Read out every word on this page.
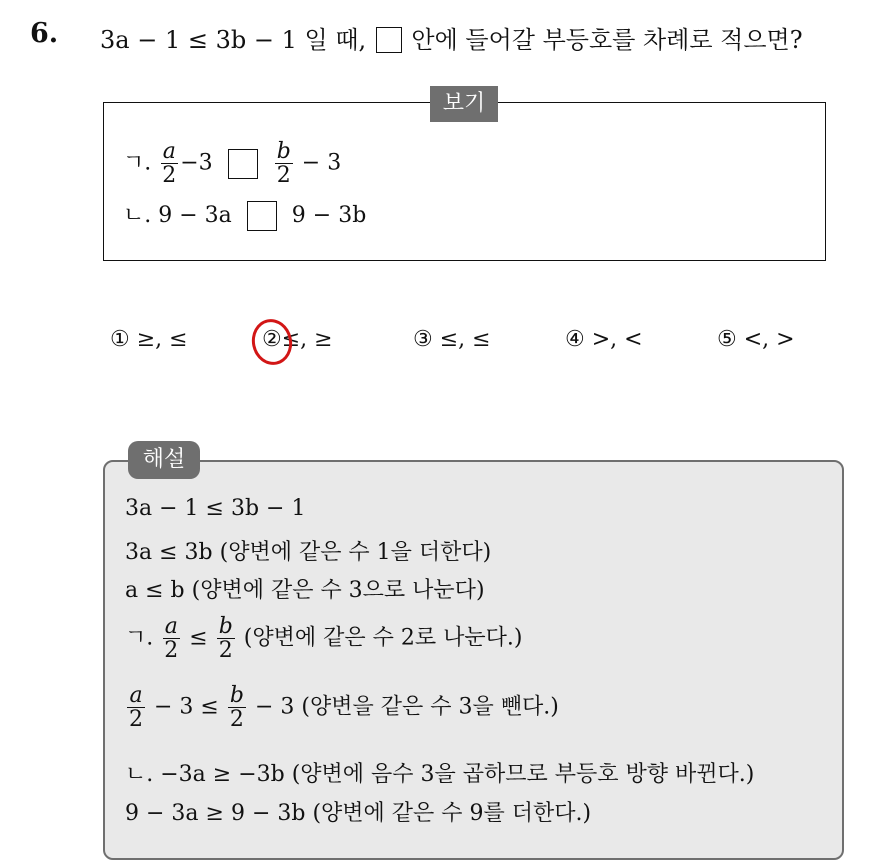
6. 3a − 1 ≤ 3b − 1 일 때, 안에 들어갈 부등호를 차례로 적으면?
보기
ㄱ. $\frac{a}{2} -3$	$\frac{b}{2} - 3$
ㄴ. 9 − 3a	9 − 3b
① ≥, ≤	②≤, ≥	③ ≤, ≤	④ >, <	⑤ <, >
해설
3a − 1 ≤ 3b − 1
3a ≤ 3b (양변에 같은 수 1을 더한다)
a ≤ b (양변에 같은 수 3으로 나눈다)
ㄱ. $\frac{a}{2} \le \frac{b}{2}$ (양변에 같은 수 2로 나눈다.)
$\frac{a}{2} - 3 \le \frac{b}{2} - 3$ (양변을 같은 수 3을 뺀다.)
ㄴ. −3a ≥ −3b (양변에 음수 3을 곱하므로 부등호 방향 바뀐다.)
9 − 3a ≥ 9 − 3b (양변에 같은 수 9를 더한다.)
